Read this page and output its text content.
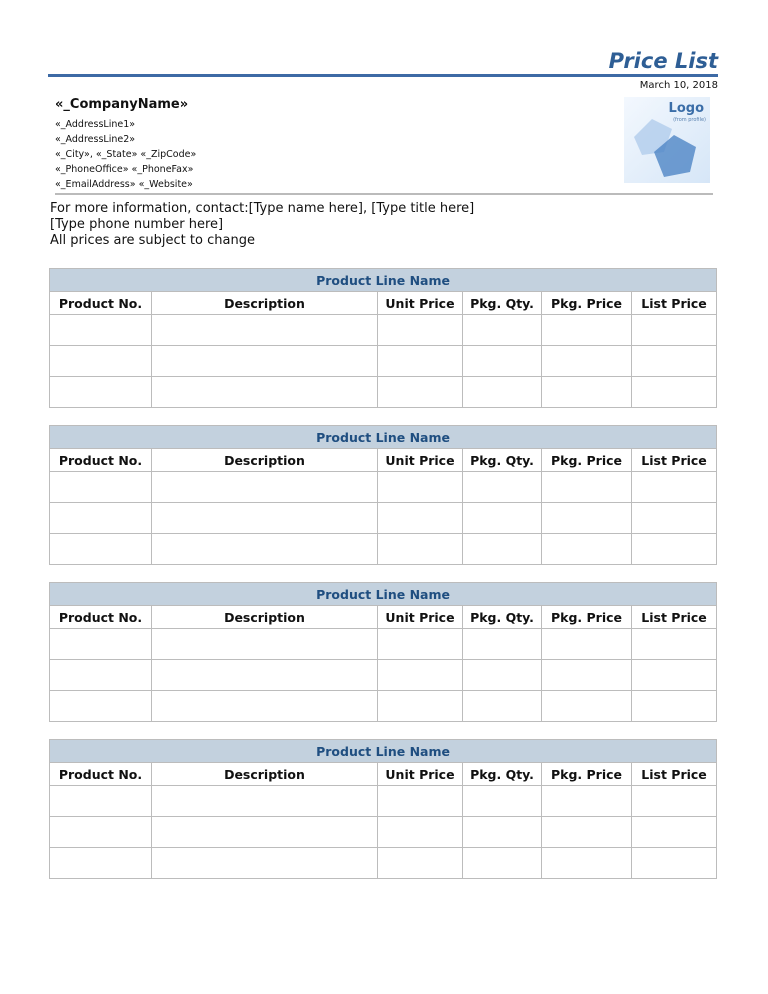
Price List
March 10, 2018
«_CompanyName»
«_AddressLine1»
«_AddressLine2»
«_City», «_State» «_ZipCode»
«_PhoneOffice» «_PhoneFax»
«_EmailAddress» «_Website»
Logo
(from profile)
For more information, contact:[Type name here], [Type title here]
[Type phone number here]
All prices are subject to change
Product Line Name					
Product No.	Description	Unit Price	Pkg. Qty.	Pkg. Price	List Price

Product Line Name					
Product No.	Description	Unit Price	Pkg. Qty.	Pkg. Price	List Price

Product Line Name					
Product No.	Description	Unit Price	Pkg. Qty.	Pkg. Price	List Price

Product Line Name					
Product No.	Description	Unit Price	Pkg. Qty.	Pkg. Price	List Price
